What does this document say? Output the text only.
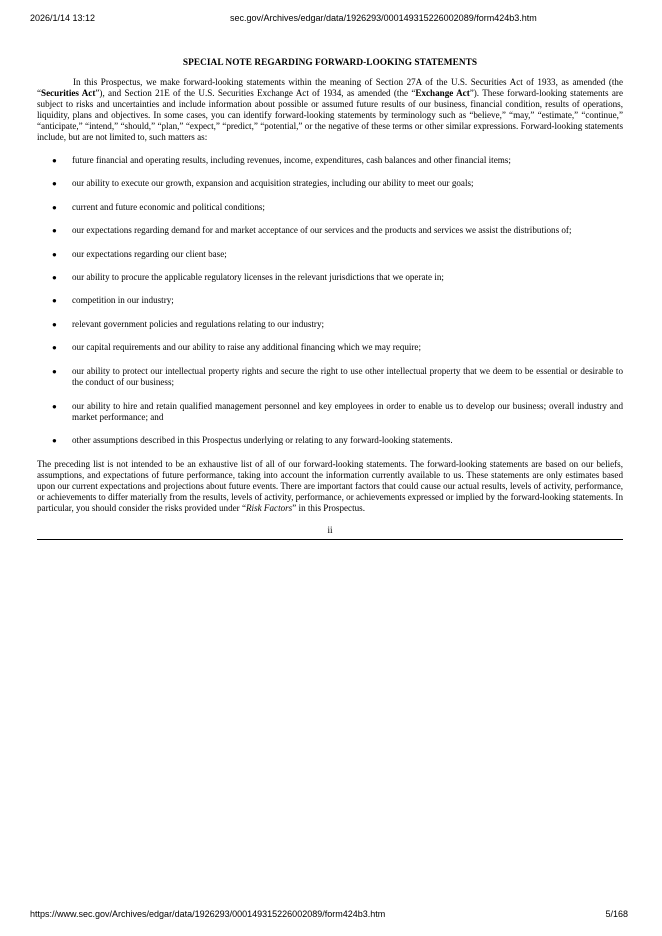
2026/1/14 13:12	sec.gov/Archives/edgar/data/1926293/000149315226002089/form424b3.htm
SPECIAL NOTE REGARDING FORWARD-LOOKING STATEMENTS

In this Prospectus, we make forward-looking statements within the meaning of Section 27A of the U.S. Securities Act of 1933, as amended (the “Securities Act”), and Section 21E of the U.S. Securities Exchange Act of 1934, as amended (the “Exchange Act”). These forward-looking statements are subject to risks and uncertainties and include information about possible or assumed future results of our business, financial condition, results of operations, liquidity, plans and objectives. In some cases, you can identify forward-looking statements by terminology such as “believe,” “may,” “estimate,” “continue,” “anticipate,” “intend,” “should,” “plan,” “expect,” “predict,” “potential,” or the negative of these terms or other similar expressions. Forward-looking statements include, but are not limited to, such matters as:

● future financial and operating results, including revenues, income, expenditures, cash balances and other financial items;
● our ability to execute our growth, expansion and acquisition strategies, including our ability to meet our goals;
● current and future economic and political conditions;
● our expectations regarding demand for and market acceptance of our services and the products and services we assist the distributions of;
● our expectations regarding our client base;
● our ability to procure the applicable regulatory licenses in the relevant jurisdictions that we operate in;
● competition in our industry;
● relevant government policies and regulations relating to our industry;
● our capital requirements and our ability to raise any additional financing which we may require;
● our ability to protect our intellectual property rights and secure the right to use other intellectual property that we deem to be essential or desirable to the conduct of our business;
● our ability to hire and retain qualified management personnel and key employees in order to enable us to develop our business; overall industry and market performance; and
● other assumptions described in this Prospectus underlying or relating to any forward-looking statements.

The preceding list is not intended to be an exhaustive list of all of our forward-looking statements. The forward-looking statements are based on our beliefs, assumptions, and expectations of future performance, taking into account the information currently available to us. These statements are only estimates based upon our current expectations and projections about future events. There are important factors that could cause our actual results, levels of activity, performance, or achievements to differ materially from the results, levels of activity, performance, or achievements expressed or implied by the forward-looking statements. In particular, you should consider the risks provided under “Risk Factors” in this Prospectus.

ii
https://www.sec.gov/Archives/edgar/data/1926293/000149315226002089/form424b3.htm	5/168
